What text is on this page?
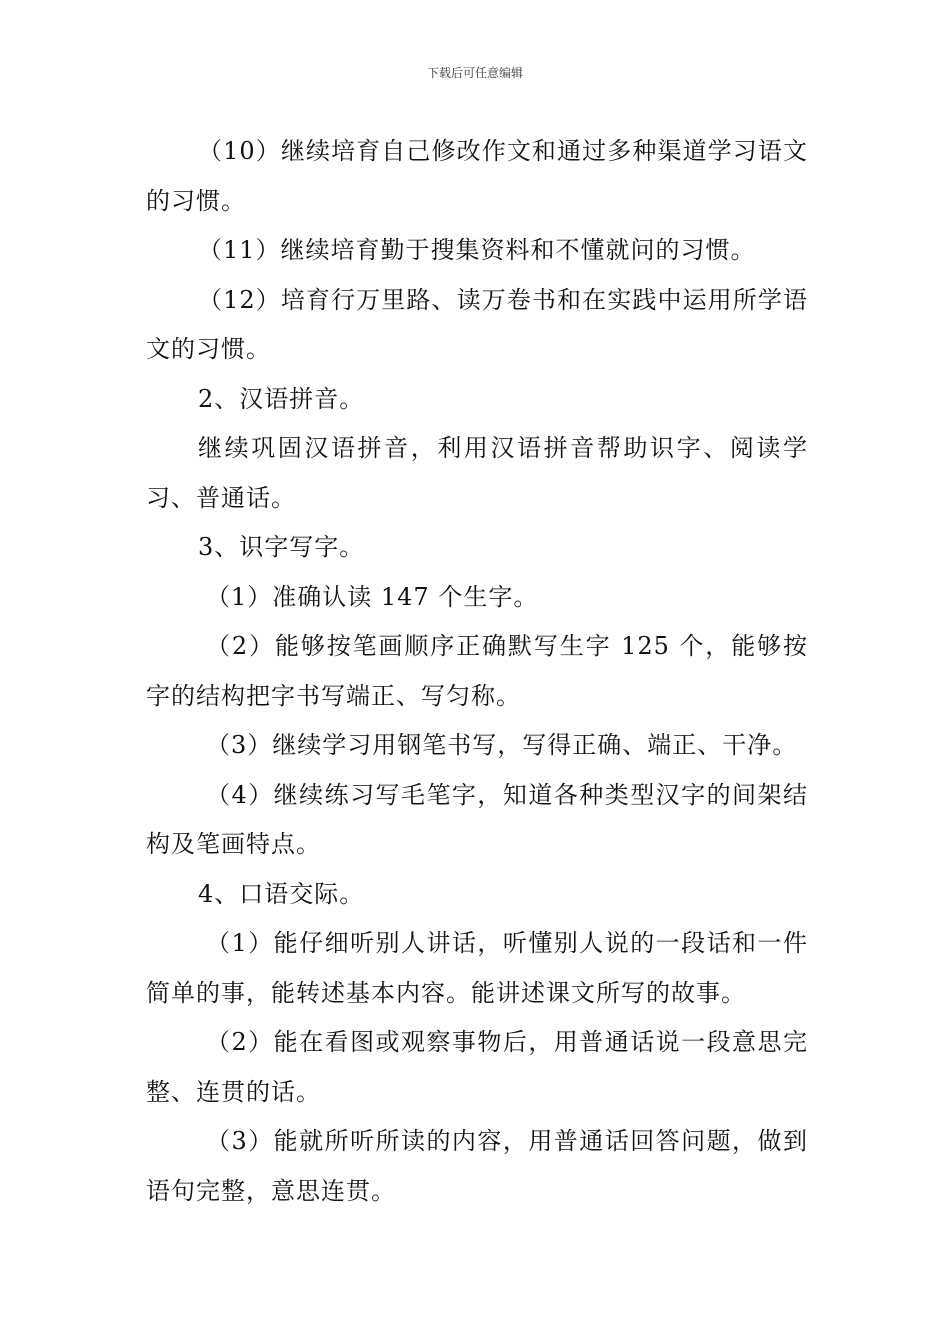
下载后可任意编辑

（10）继续培育自己修改作文和通过多种渠道学习语文的习惯。

（11）继续培育勤于搜集资料和不懂就问的习惯。

（12）培育行万里路、读万卷书和在实践中运用所学语文的习惯。

2、汉语拼音。

继续巩固汉语拼音，利用汉语拼音帮助识字、阅读学习、普通话。

3、识字写字。

（1）准确认读 147 个生字。

（2）能够按笔画顺序正确默写生字 125 个，能够按字的结构把字书写端正、写匀称。

（3）继续学习用钢笔书写，写得正确、端正、干净。

（4）继续练习写毛笔字，知道各种类型汉字的间架结构及笔画特点。

4、口语交际。

（1）能仔细听别人讲话，听懂别人说的一段话和一件简单的事，能转述基本内容。能讲述课文所写的故事。

（2）能在看图或观察事物后，用普通话说一段意思完整、连贯的话。

（3）能就所听所读的内容，用普通话回答问题，做到语句完整，意思连贯。
